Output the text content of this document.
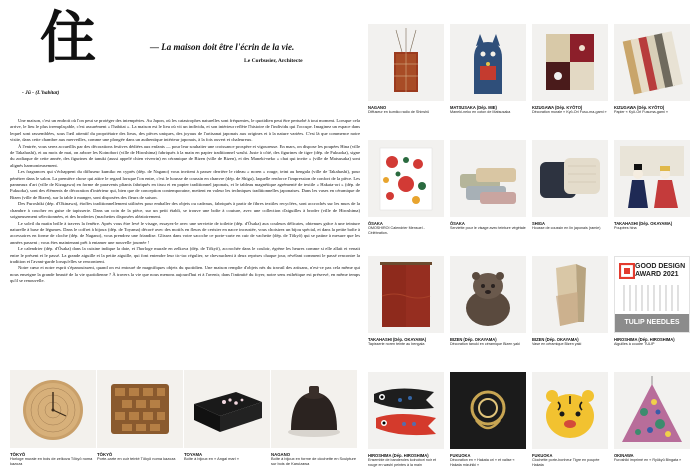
住
- Jū - (L'habitat)
— La maison doit être l'écrin de la vie.
Le Corbusier, Architecte

Une maison, c'est un endroit où l'on peut se protéger des intempéries. Au Japon, où les catastrophes naturelles sont fréquentes, le quotidien peut être perturbé à tout moment. Lorsque cela arrive, le lieu le plus irremplaçable, c'est assurément « l'habitat ». La maison est le lieu où vit un individu, et son intérieur reflète l'histoire de l'individu qui l'occupe. Imaginez un espace dans lequel sont rassemblées, sous l'œil attentif du propriétaire des lieux, des pièces uniques, des joyaux de l'artisanat japonais aux origines et à la nature variées. C'est là que commence notre visite, dans cette chambre aux merveilles, comme une plongée dans un authentique intérieur japonais, à la fois ouvert et chaleureux.

À l'entrée, vous serez accueillis par des décorations festives dédiées aux enfants — pour leur souhaiter une croissance prospère et vigoureuse. En mars, on dispose les poupées Hina (ville de Takahashi), et au mois de mai, on arbore les Koinobori (ville de Hiroshima) fabriqués à la main en papier traditionnel washi. Juste à côté, des figurines de tigre (dép. de Fukuoka), signe du zodiaque de cette année, des figurines de tanuki (aussi appelé chien viverrin) en céramique de Bizen (ville de Bizen), et des Maneki-neko « chat qui invite » (ville de Matsusaka) sont alignés harmonieusement.

Les fragrances qui s'échappent du diffuseur kumiko en cyprès (dép. de Nagano) vous invitent à passer derrière le rideau « noren » rouge, teint au bengala (ville de Takahashi), pour pénétrer dans le salon. La première chose qui attire le regard lorsque l'on entre, c'est le housse de coussin en chanvre (dép. de Shiga), laquelle renforce l'impression de confort de la pièce. Les panneaux d'art (ville de Kizugawa) en forme de paravents pliants fabriqués en tissu et en papier traditionnel japonais, et le tableau magnétique agrémenté de textile « Hakata-ori » (dép. de Fukuoka), sont des éléments de décoration d'intérieur qui, bien que de conception contemporaine, mettent en valeur les techniques traditionnelles japonaises. Dans les vases en céramique de Bizen (ville de Bizen), sur la table à manger, sont disposées des fleurs de saison.

Des Furoshiki (dép. d'Okinawa), étoffes traditionnellement utilisées pour emballer des objets ou cadeaux, fabriqués à partir de fibres textiles recyclées, sont accrochés sur les murs de la chambre à coucher en guise de tapisserie. Dans un coin de la pièce, sur un petit établi, se trouve une boîte à couture, avec une collection d'aiguilles à broder (ville de Hiroshima) soigneusement sélectionnées, et des broderies (machettes disposées aléatoirement.

Le soleil du matin brille à travers la fenêtre. Après vous être levé le visage, essayez-le avec une serviette de toilette (dép. d'Ōsaka) aux couleurs délicates, obtenues grâce à une teinture naturelle à base de légumes. Dans le coffret à bijoux (dép. de Toyama) décoré avec des motifs en fleurs de cerisier en nacre incrustée, vous choisirez un bijou spécial, et dans la petite boîte à accessoires en forme de cloche (dép. de Nagano), vous prendrez une friandise. Glissez dans votre sacoche ce porte-carte en cuir de vachette (dép. de Tōkyō) qui se patine à mesure que les années passent ; vous êtes maintenant prêt à entamer une nouvelle journée !

Le calendrier (dép. d'Ōsaka) dans la cuisine indique la date, et l'horloge murale en zelkova (dép. de Tōkyō), accrochée dans le couloir, égrène les heures comme si elle allait et venait entre le présent et le passé. La grande aiguille et la petite aiguille, qui font entendre leur tic-tac régulier, se chevauchent à deux reprises chaque jour, révélant comment le passé rencontre la tradition et l'avant-garde lorsqu'elles se rencontrent.

Notre cœur et notre esprit s'épanouissent, quand on est entouré de magnifiques objets du quotidien. Une maison remplie d'objets nés du travail des artisans, n'est-ce pas cela même qui nous enseigne la grande beauté de la vie quotidienne ? À travers la vie que nous menons aujourd'hui et à l'avenir, dans l'intimité du foyer, notre sens esthétique est préservé, en même temps qu'il se renouvelle.

TŌKYŌ
Horloge murale en bois de zelkova Tōkyō noma kazoza
TŌKYŌ
Porte-carte en cuir teinté Tōkyō noma kazoza
TOYAMA
Boîte à bijoux en « Angai mari »
NAGANO
Boîte à bijoux en forme de clochette en Sculpture sur bois de Karuizawa
NAGANO
Diffuseur en kumiko radio de Shinshū
MATSUSAKA (Dép. MIE)
Maneki-neko en coton de Matsusaka
KIZUGAWA (Dép. KYŌTO)
Décoration murale « Kyō-Ori Fusu-ma-gami »
KIZUGAWA (Dép. KYŌTO)
Papier « Kyō-Ori Fusuma-gami »
ŌSAKA
OMOSHIROI Calendrier Mensuel -Célébration-
ŌSAKA
Serviette pour le visage avec teinture végétale
SHIGA
Housse de coussin en lin japonais (ramie)
TAKAHASHI (Dép. OKAYAMA)
Poupées hina
TAKAHASHI (Dép. OKAYAMA)
Tapisserie noren teinte au bengala
BIZEN (Dép. OKAYAMA)
Décoration tanuki en céramique Bizen yaki
BIZEN (Dép. OKAYAMA)
Vase en céramique Bizen yaki
GOOD DESIGN
AWARD 2021
TULIP NEEDLES
HIROSHIMA (Dép. HIROSHIMA)
Aiguilles à coudre TULIP
HIROSHIMA (Dép. HIROSHIMA)
Ensemble de banderoles koinobori noir et rouge en washi peintes à la main
FUKUOKA
Décoration en « Hakata ori » et valise « Hakata mizuhiki »
FUKUOKA
Clochette porte-bonheur Tigre en poupée Hakata
OKINAWA
Furoshiki imprimé en « Ryūkyū Bingata »
